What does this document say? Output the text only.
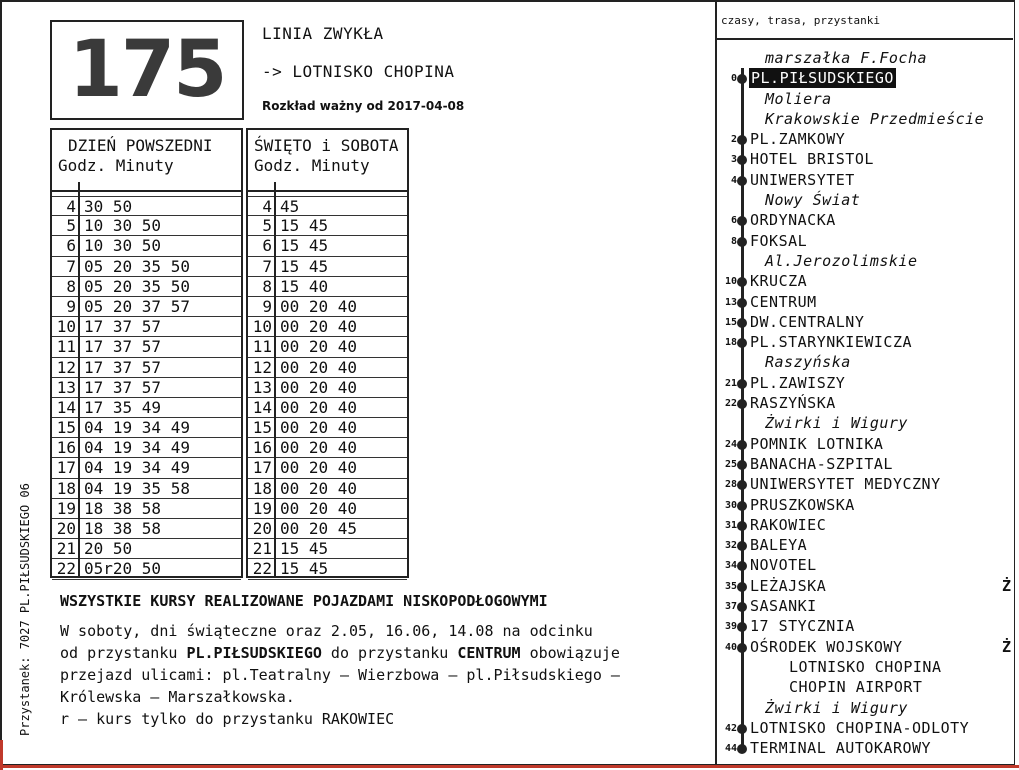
175 LINIA ZWYKŁA
-> LOTNISKO CHOPINA
Rozkład ważny od 2017-04-08
DZIEŃ POWSZEDNI
Godz. Minuty
4 30 50
5 10 30 50
6 10 30 50
7 05 20 35 50
8 05 20 35 50
9 05 20 37 57
10 17 37 57
11 17 37 57
12 17 37 57
13 17 37 57
14 17 35 49
15 04 19 34 49
16 04 19 34 49
17 04 19 34 49
18 04 19 35 58
19 18 38 58
20 18 38 58
21 20 50
22 05r20 50
ŚWIĘTO i SOBOTA
Godz. Minuty
4 45
5 15 45
6 15 45
7 15 45
8 15 40
9 00 20 40
10 00 20 40
11 00 20 40
12 00 20 40
13 00 20 40
14 00 20 40
15 00 20 40
16 00 20 40
17 00 20 40
18 00 20 40
19 00 20 40
20 00 20 45
21 15 45
22 15 45
Przystanek: 7027 PL.PIŁSUDSKIEGO 06 WSZYSTKIE KURSY REALIZOWANE POJAZDAMI NISKOPODŁOGOWYMI
W soboty, dni świąteczne oraz 2.05, 16.06, 14.08 na odcinku
od przystanku PL.PIŁSUDSKIEGO do przystanku CENTRUM obowiązuje
przejazd ulicami: pl.Teatralny – Wierzbowa – pl.Piłsudskiego –
Królewska – Marszałkowska.
r – kurs tylko do przystanku RAKOWIEC
czasy, trasa, przystanki
marszałka F.Focha
0 PL.PIŁSUDSKIEGO
Moliera
Krakowskie Przedmieście
2 PL.ZAMKOWY
3 HOTEL BRISTOL
4 UNIWERSYTET
Nowy Świat
6 ORDYNACKA
8 FOKSAL
Al.Jerozolimskie
10 KRUCZA
13 CENTRUM
15 DW.CENTRALNY
18 PL.STARYNKIEWICZA
Raszyńska
21 PL.ZAWISZY
22 RASZYŃSKA
Żwirki i Wigury
24 POMNIK LOTNIKA
25 BANACHA-SZPITAL
28 UNIWERSYTET MEDYCZNY
30 PRUSZKOWSKA
31 RAKOWIEC
32 BALEYA
34 NOVOTEL
35 LEŻAJSKA	Ż
37 SASANKI
39 17 STYCZNIA
40 OŚRODEK WOJSKOWY	Ż
LOTNISKO CHOPINA
CHOPIN AIRPORT
Żwirki i Wigury
42 LOTNISKO CHOPINA-ODLOTY
44 TERMINAL AUTOKAROWY
